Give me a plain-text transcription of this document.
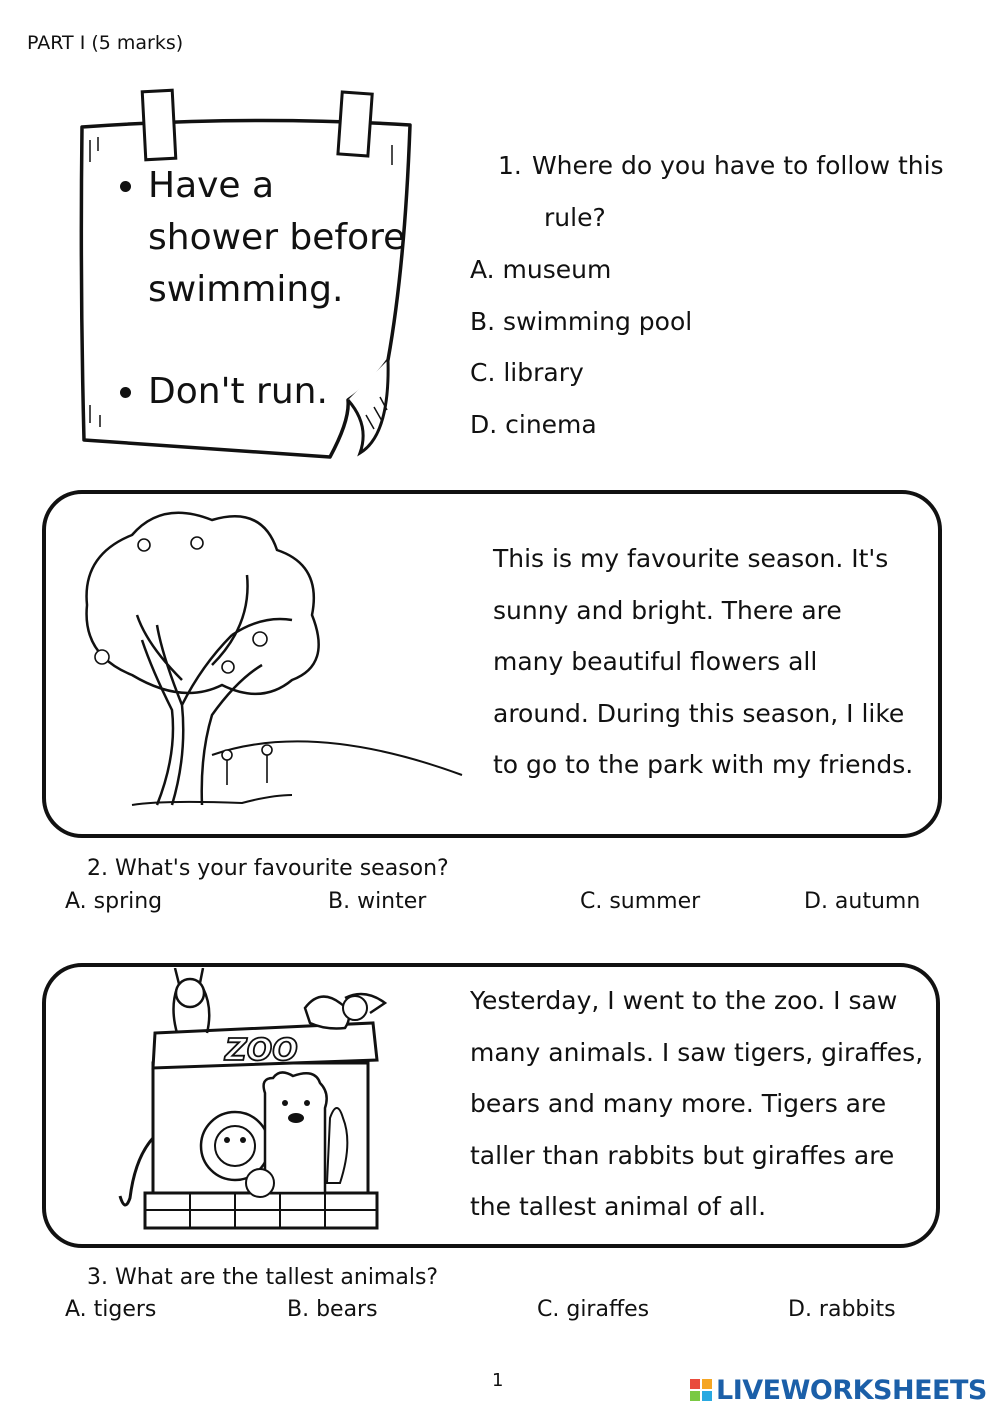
PART I (5 marks)
• Have a shower before swimming.
• Don't run.
1. Where do you have to follow this
rule?
A. museum
B. swimming pool
C. library
D. cinema
This is my favourite season. It's
sunny and bright. There are
many beautiful flowers all
around. During this season, I like
to go to the park with my friends.
2. What's your favourite season?
A. spring	B. winter	C. summer	D. autumn
ZOO
Yesterday, I went to the zoo. I saw
many animals. I saw tigers, giraffes,
bears and many more. Tigers are
taller than rabbits but giraffes are
the tallest animal of all.
3. What are the tallest animals?
A. tigers	B. bears	C. giraffes	D. rabbits
1	LIVEWORKSHEETS
